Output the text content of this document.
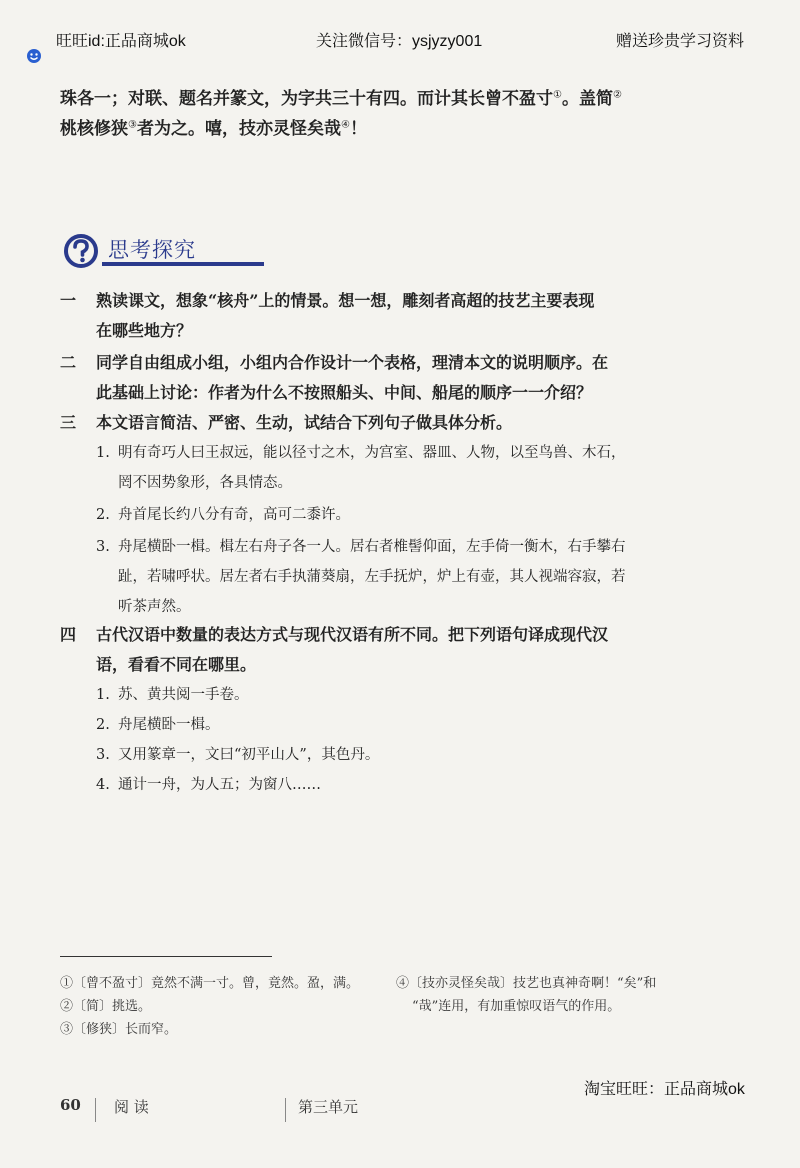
旺旺id:正品商城ok	关注微信号：ysjyzy001	赠送珍贵学习资料

珠各一；对联、题名并篆文，为字共三十有四。而计其长曾不盈寸①。盖简②

桃核修狭③者为之。嘻，技亦灵怪矣哉④！

思考探究
一	熟读课文，想象“核舟”上的情景。想一想，雕刻者高超的技艺主要表现
在哪些地方？
二	同学自由组成小组，小组内合作设计一个表格，理清本文的说明顺序。在
此基础上讨论：作者为什么不按照船头、中间、船尾的顺序一一介绍？
三	本文语言简洁、严密、生动，试结合下列句子做具体分析。
1. 明有奇巧人曰王叔远，能以径寸之木，为宫室、器皿、人物，以至鸟兽、木石，
罔不因势象形，各具情态。
2. 舟首尾长约八分有奇，高可二黍许。
3. 舟尾横卧一楫。楫左右舟子各一人。居右者椎髻仰面，左手倚一衡木，右手攀右
趾，若啸呼状。居左者右手执蒲葵扇，左手抚炉，炉上有壶，其人视端容寂，若
听茶声然。
四	古代汉语中数量的表达方式与现代汉语有所不同。把下列语句译成现代汉
语，看看不同在哪里。
1. 苏、黄共阅一手卷。
2. 舟尾横卧一楫。
3. 又用篆章一，文曰“初平山人”，其色丹。
4. 通计一舟，为人五；为窗八……
①〔曾不盈寸〕竟然不满一寸。曾，竟然。盈，满。
②〔简〕挑选。
③〔修狭〕长而窄。
④〔技亦灵怪矣哉〕技艺也真神奇啊！“矣”和
“哉”连用，有加重惊叹语气的作用。
淘宝旺旺：正品商城ok
60 阅 读	第三单元
